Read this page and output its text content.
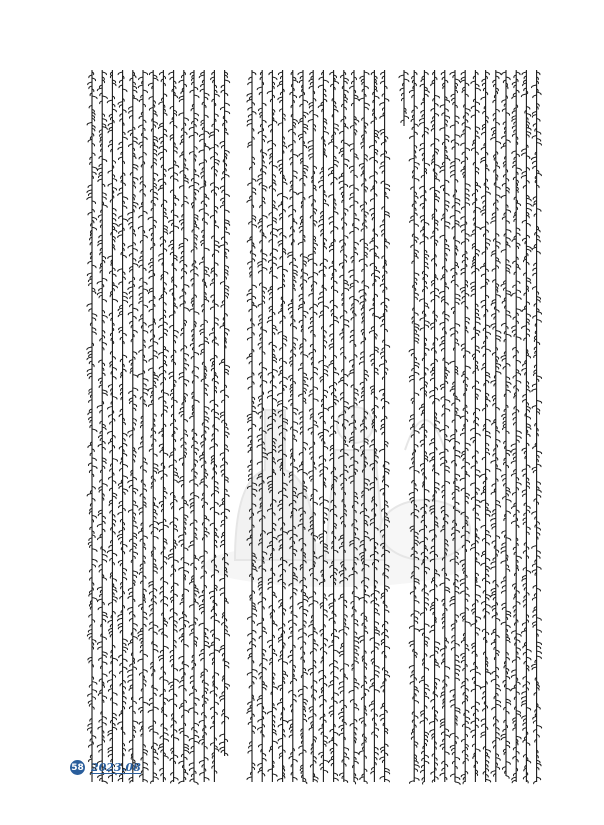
58 2023.08
